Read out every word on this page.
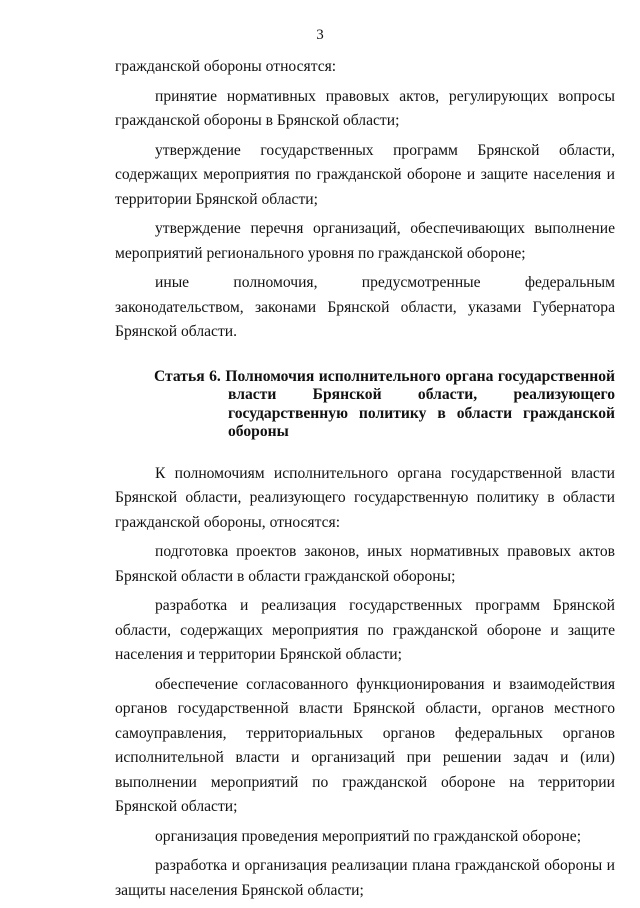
3

гражданской обороны относятся:

принятие нормативных правовых актов, регулирующих вопросы гражданской обороны в Брянской области;

утверждение государственных программ Брянской области, содержащих мероприятия по гражданской обороне и защите населения и территории Брянской области;

утверждение перечня организаций, обеспечивающих выполнение мероприятий регионального уровня по гражданской обороне;

иные полномочия, предусмотренные федеральным законодательством, законами Брянской области, указами Губернатора Брянской области.

Статья 6. Полномочия исполнительного органа государственной власти Брянской области, реализующего государственную политику в области гражданской обороны

К полномочиям исполнительного органа государственной власти Брянской области, реализующего государственную политику в области гражданской обороны, относятся:

подготовка проектов законов, иных нормативных правовых актов Брянской области в области гражданской обороны;

разработка и реализация государственных программ Брянской области, содержащих мероприятия по гражданской обороне и защите населения и территории Брянской области;

обеспечение согласованного функционирования и взаимодействия органов государственной власти Брянской области, органов местного самоуправления, территориальных органов федеральных органов исполнительной власти и организаций при решении задач и (или) выполнении мероприятий по гражданской обороне на территории Брянской области;

организация проведения мероприятий по гражданской обороне;

разработка и организация реализации плана гражданской обороны и защиты населения Брянской области;
